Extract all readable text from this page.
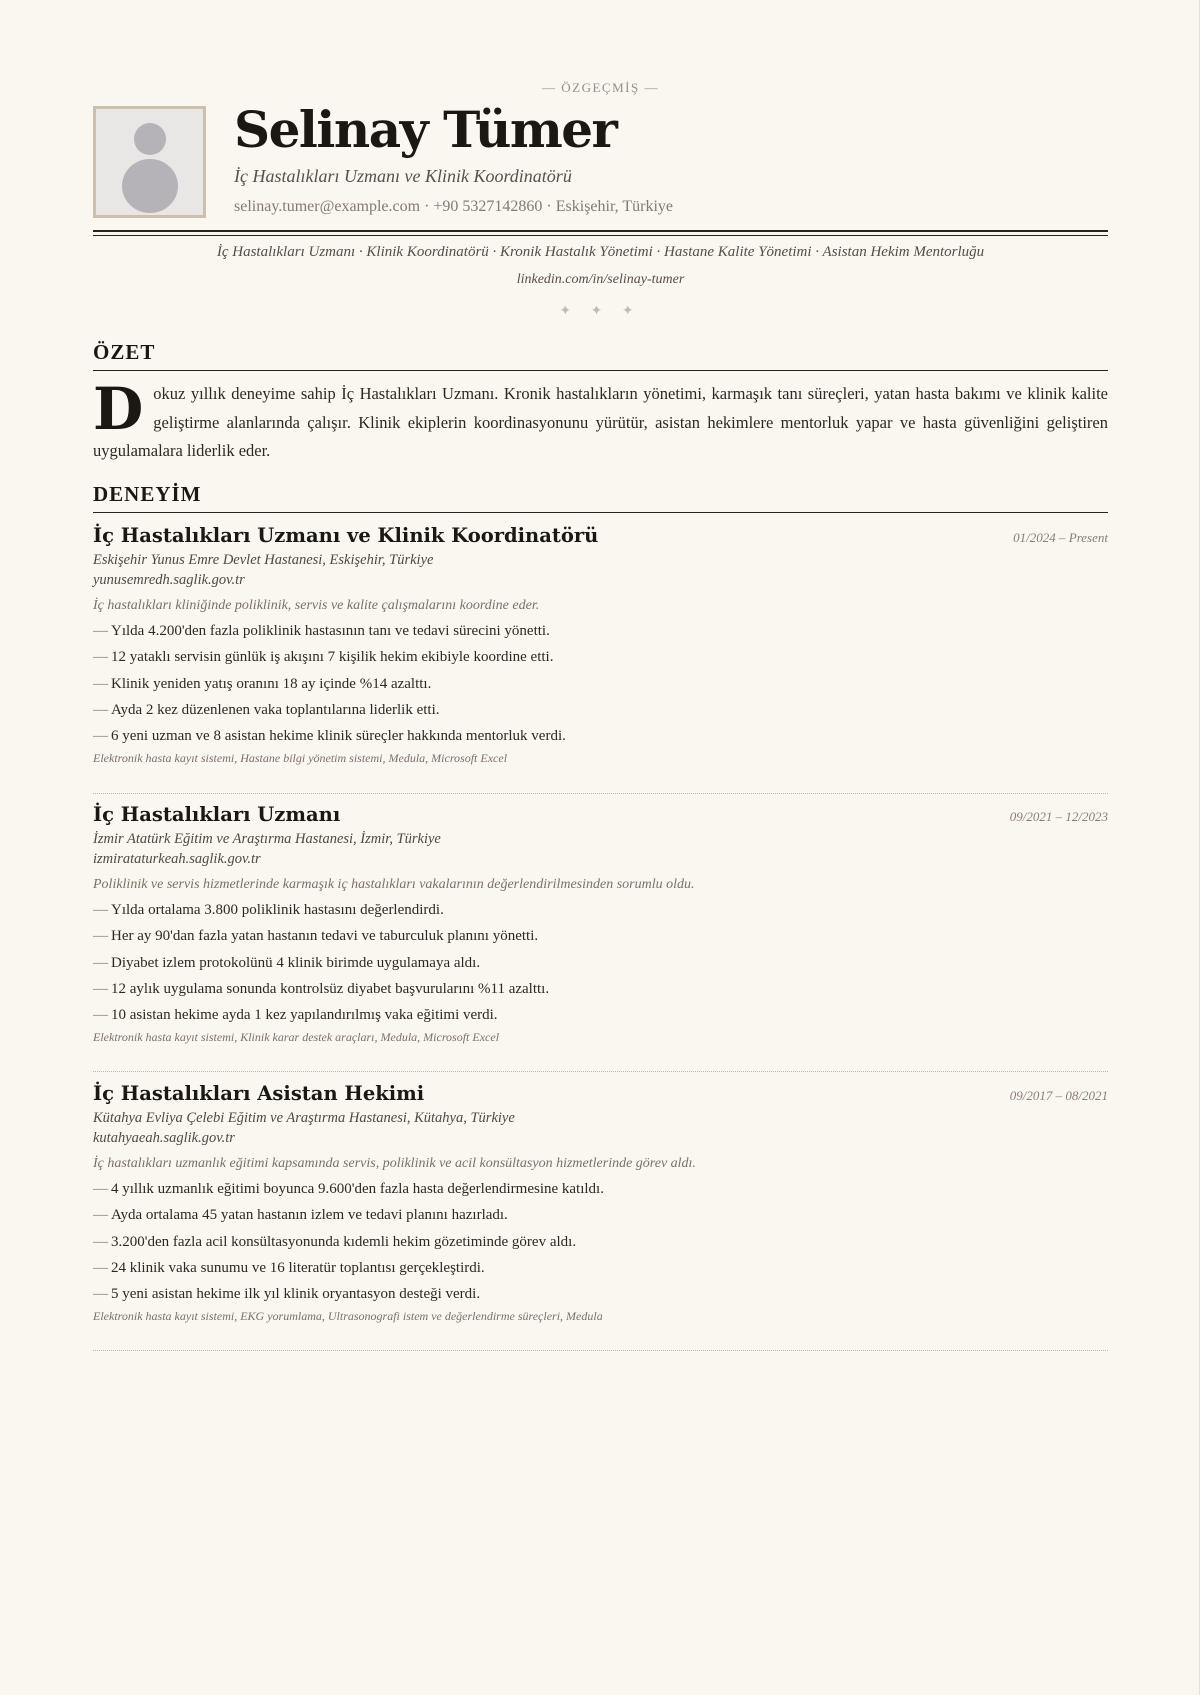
— ÖZGEÇMİŞ —
Selinay Tümer
İç Hastalıkları Uzmanı ve Klinik Koordinatörü
selinay.tumer@example.com · +90 5327142860 · Eskişehir, Türkiye
İç Hastalıkları Uzmanı · Klinik Koordinatörü · Kronik Hastalık Yönetimi · Hastane Kalite Yönetimi · Asistan Hekim Mentorluğu
linkedin.com/in/selinay-tumer
✦ ✦ ✦
ÖZET
D okuz yıllık deneyime sahip İç Hastalıkları Uzmanı. Kronik hastalıkların yönetimi, karmaşık tanı süreçleri, yatan hasta bakımı ve klinik kalite geliştirme alanlarında çalışır. Klinik ekiplerin koordinasyonunu yürütür, asistan hekimlere mentorluk yapar ve hasta güvenliğini geliştiren uygulamalara liderlik eder.
DENEYİM
İç Hastalıkları Uzmanı ve Klinik Koordinatörü	01/2024 – Present
Eskişehir Yunus Emre Devlet Hastanesi, Eskişehir, Türkiye
yunusemredh.saglik.gov.tr
İç hastalıkları kliniğinde poliklinik, servis ve kalite çalışmalarını koordine eder.
— Yılda 4.200'den fazla poliklinik hastasının tanı ve tedavi sürecini yönetti.
— 12 yataklı servisin günlük iş akışını 7 kişilik hekim ekibiyle koordine etti.
— Klinik yeniden yatış oranını 18 ay içinde %14 azalttı.
— Ayda 2 kez düzenlenen vaka toplantılarına liderlik etti.
— 6 yeni uzman ve 8 asistan hekime klinik süreçler hakkında mentorluk verdi.
Elektronik hasta kayıt sistemi, Hastane bilgi yönetim sistemi, Medula, Microsoft Excel
İç Hastalıkları Uzmanı	09/2021 – 12/2023
İzmir Atatürk Eğitim ve Araştırma Hastanesi, İzmir, Türkiye
izmirataturkeah.saglik.gov.tr
Poliklinik ve servis hizmetlerinde karmaşık iç hastalıkları vakalarının değerlendirilmesinden sorumlu oldu.
— Yılda ortalama 3.800 poliklinik hastasını değerlendirdi.
— Her ay 90'dan fazla yatan hastanın tedavi ve taburculuk planını yönetti.
— Diyabet izlem protokolünü 4 klinik birimde uygulamaya aldı.
— 12 aylık uygulama sonunda kontrolsüz diyabet başvurularını %11 azalttı.
— 10 asistan hekime ayda 1 kez yapılandırılmış vaka eğitimi verdi.
Elektronik hasta kayıt sistemi, Klinik karar destek araçları, Medula, Microsoft Excel
İç Hastalıkları Asistan Hekimi	09/2017 – 08/2021
Kütahya Evliya Çelebi Eğitim ve Araştırma Hastanesi, Kütahya, Türkiye
kutahyaeah.saglik.gov.tr
İç hastalıkları uzmanlık eğitimi kapsamında servis, poliklinik ve acil konsültasyon hizmetlerinde görev aldı.
— 4 yıllık uzmanlık eğitimi boyunca 9.600'den fazla hasta değerlendirmesine katıldı.
— Ayda ortalama 45 yatan hastanın izlem ve tedavi planını hazırladı.
— 3.200'den fazla acil konsültasyonunda kıdemli hekim gözetiminde görev aldı.
— 24 klinik vaka sunumu ve 16 literatür toplantısı gerçekleştirdi.
— 5 yeni asistan hekime ilk yıl klinik oryantasyon desteği verdi.
Elektronik hasta kayıt sistemi, EKG yorumlama, Ultrasonografi istem ve değerlendirme süreçleri, Medula
